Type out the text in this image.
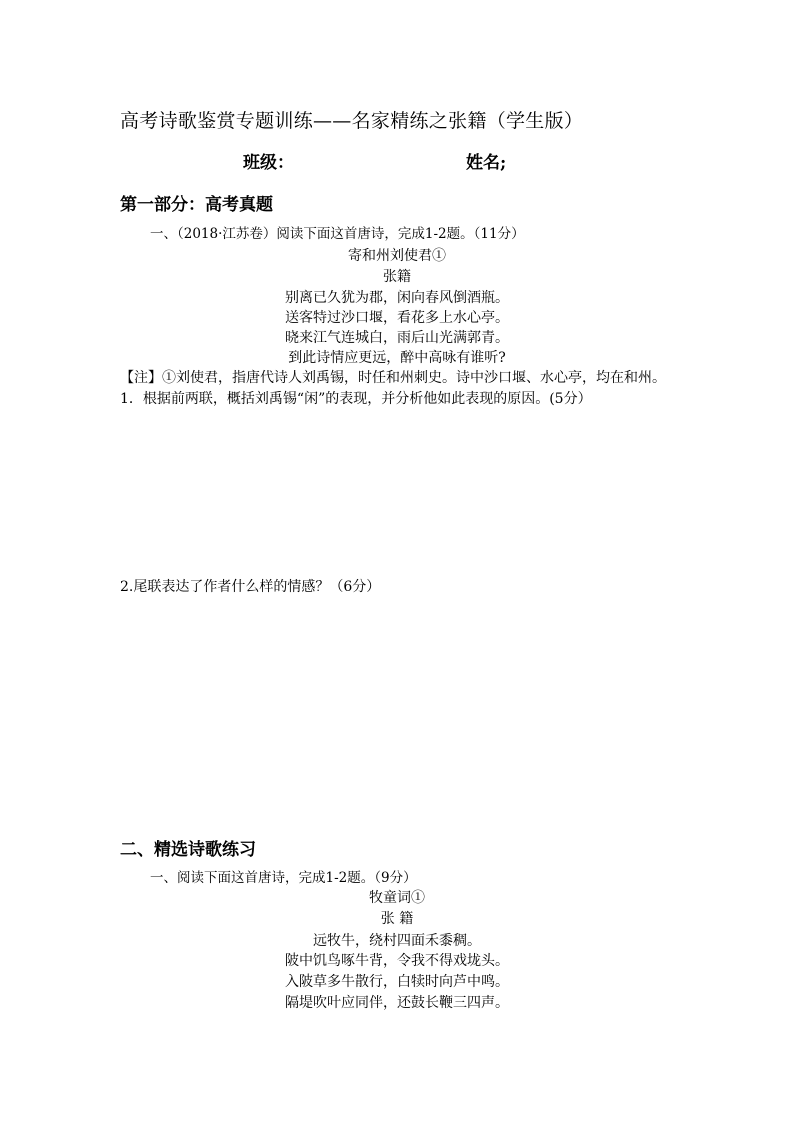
高考诗歌鉴赏专题训练——名家精练之张籍（学生版）
班级：	姓名;
第一部分：高考真题
一、（2018·江苏卷）阅读下面这首唐诗，完成1-2题。（11分）
寄和州刘使君①
张籍
别离已久犹为郡，闲向春风倒酒瓶。
送客特过沙口堰，看花多上水心亭。
晓来江气连城白，雨后山光满郭青。
到此诗情应更远，醉中高咏有谁听?
【注】①刘使君，指唐代诗人刘禹锡，时任和州刺史。诗中沙口堰、水心亭，均在和州。
1．根据前两联，概括刘禹锡“闲”的表现，并分析他如此表现的原因。(5分）
2.尾联表达了作者什么样的情感？（6分）
二、精选诗歌练习
一、阅读下面这首唐诗，完成1-2题。（9分）
牧童词①
张 籍
远牧牛，绕村四面禾黍稠。
陂中饥鸟啄牛背，令我不得戏垅头。
入陂草多牛散行，白犊时向芦中鸣。
隔堤吹叶应同伴，还鼓长鞭三四声。
